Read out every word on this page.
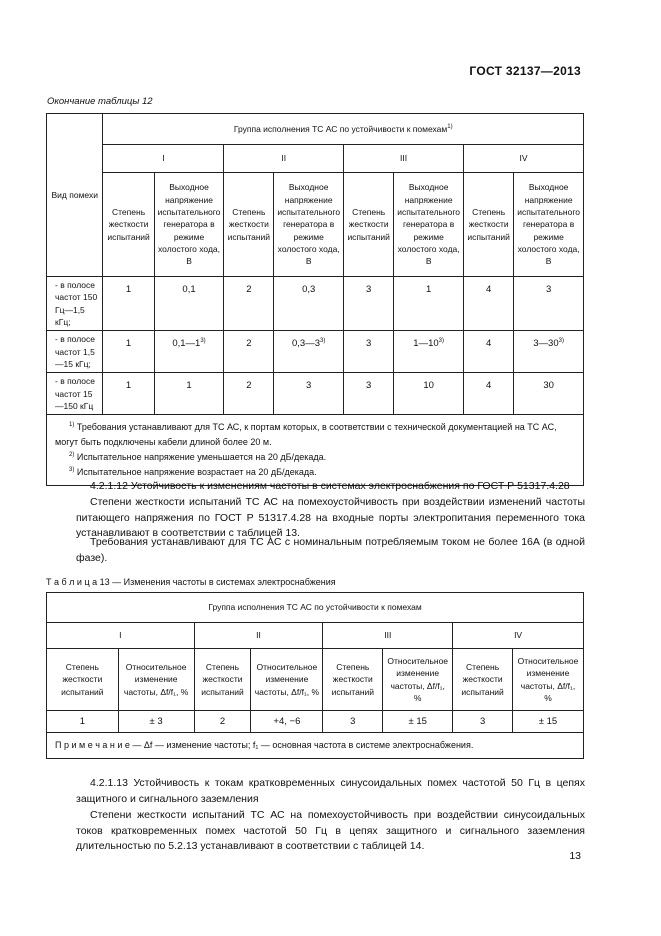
ГОСТ 32137—2013
Окончание таблицы 12
Вид помехи	Группа исполнения ТС АС по устойчивости к помехам$^{1)}$
	I		II		III		IV	
	Степень жесткости испытаний	Выходное напряжение испытательного генератора в режиме холостого хода, В	Степень жесткости испытаний	Выходное напряжение испытательного генератора в режиме холостого хода, В	Степень жесткости испытаний	Выходное напряжение испытательного генератора в режиме холостого хода, В	Степень жесткости испытаний	Выходное напряжение испытательного генератора в режиме холостого хода, В
- в полосе частот 150 Гц—1,5 кГц;	1	0,1	2	0,3	3	1	4	3
- в полосе частот 1,5—15 кГц;	1	0,1—1$^{3)}$	2	0,3—3$^{3)}$	3	1—10$^{3)}$	4	3—30$^{3)}$
- в полосе частот 15—150 кГц	1	1	2	3	3	10	4	30

$^{1)}$ Требования устанавливают для ТС АС, к портам которых, в соответствии с технической документацией на ТС АС, могут быть подключены кабели длиной более 20 м.
$^{2)}$ Испытательное напряжение уменьшается на 20 дБ/декада.
$^{3)}$ Испытательное напряжение возрастает на 20 дБ/декада.								
4.2.1.12 Устойчивость к изменениям частоты в системах электроснабжения по ГОСТ Р 51317.4.28
Степени жесткости испытаний ТС АС на помехоустойчивость при воздействии изменений частоты питающего напряжения по ГОСТ Р 51317.4.28 на входные порты электропитания переменного тока устанавливают в соответствии с таблицей 13.
Требования устанавливают для ТС АС с номинальным потребляемым током не более 16А (в одной фазе).
Т а б л и ц а 13 — Изменения частоты в системах электроснабжения
Группа исполнения ТС АС по устойчивости к помехам							
I		II		III		IV	
Степень жесткости испытаний	Относительное изменение частоты, Δf/f₁, %	Степень жесткости испытаний	Относительное изменение частоты, Δf/f₁, %	Степень жесткости испытаний	Относительное изменение частоты, Δf/f₁, %	Степень жесткости испытаний	Относительное изменение частоты, Δf/f₁, %
1	± 3	2	+4, −6	3	± 15	3	± 15
П р и м е ч а н и е — Δf — изменение частоты; f₁ — основная частота в системе электроснабжения.							
4.2.1.13 Устойчивость к токам кратковременных синусоидальных помех частотой 50 Гц в цепях защитного и сигнального заземления
Степени жесткости испытаний ТС АС на помехоустойчивость при воздействии синусоидальных токов кратковременных помех частотой 50 Гц в цепях защитного и сигнального заземления длительностью по 5.2.13 устанавливают в соответствии с таблицей 14.
13
